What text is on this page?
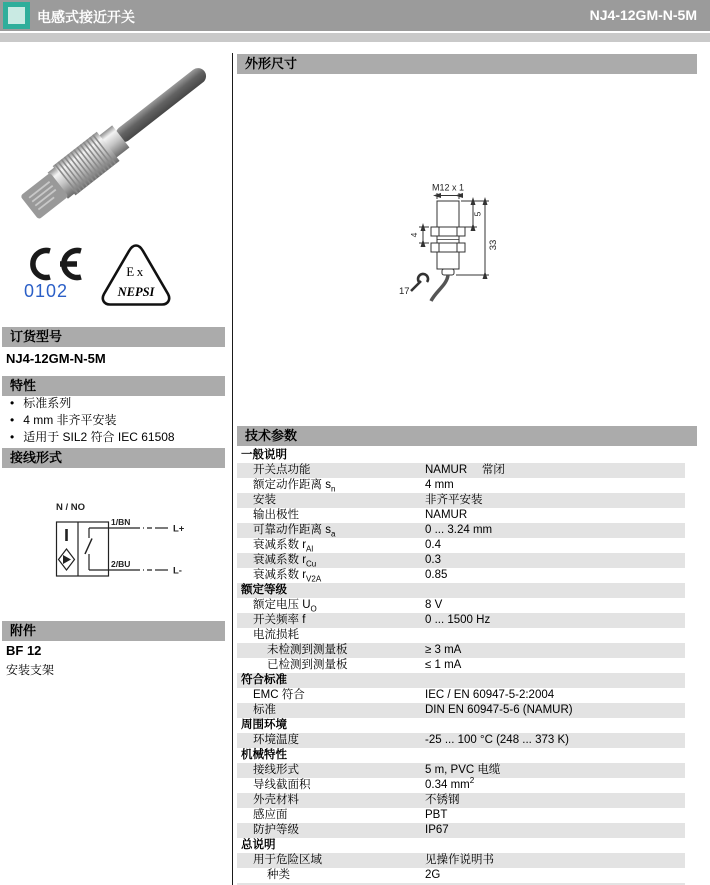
电感式接近开关	NJ4-12GM-N-5M
0102
Ex
NEPSI
订货型号
NJ4-12GM-N-5M
特性
• 标准系列
• 4 mm 非齐平安装
• 适用于 SIL2 符合 IEC 61508
接线形式
N / NO
1/BN
2/BU
L+
L-
附件
BF 12
安装支架
外形尺寸
M12 x 1
33
5
4
17
技术参数
一般说明
开关点功能	NAMUR　 常闭
额定动作距离 $s_n$	4 mm
安装	非齐平安装
输出极性	NAMUR
可靠动作距离 $s_a$	0 ... 3.24 mm
衰减系数 $r_{Al}$	0.4
衰减系数 $r_{Cu}$	0.3
衰减系数 $r_{V2A}$	0.85
额定等级
额定电压 $U_O$	8 V
开关频率 f	0 ... 1500 Hz
电流损耗
未检测到测量板	≥ 3 mA
已检测到测量板	≤ 1 mA
符合标准
EMC 符合	IEC / EN 60947-5-2:2004
标准	DIN EN 60947-5-6 (NAMUR)
周围环境
环境温度	-25 ... 100 °C (248 ... 373 K)
机械特性
接线形式	5 m, PVC 电缆
导线截面积	0.34 $mm^2$
外壳材料	不锈钢
感应面	PBT
防护等级	IP67
总说明
用于危险区域	见操作说明书
种类	2G
